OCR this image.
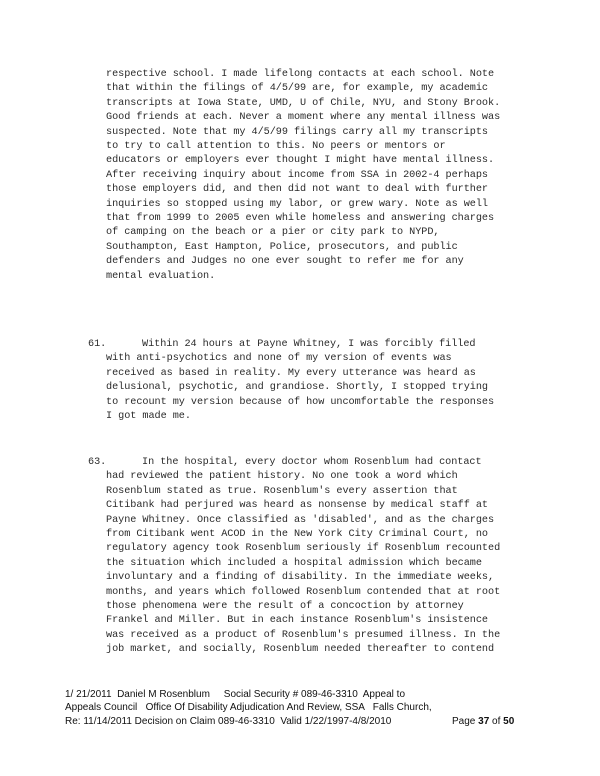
respective school. I made lifelong contacts at each school. Note
that within the filings of 4/5/99 are, for example, my academic
transcripts at Iowa State, UMD, U of Chile, NYU, and Stony Brook.
Good friends at each. Never a moment where any mental illness was
suspected. Note that my 4/5/99 filings carry all my transcripts
to try to call attention to this. No peers or mentors or
educators or employers ever thought I might have mental illness.
After receiving inquiry about income from SSA in 2002-4 perhaps
those employers did, and then did not want to deal with further
inquiries so stopped using my labor, or grew wary. Note as well
that from 1999 to 2005 even while homeless and answering charges
of camping on the beach or a pier or city park to NYPD,
Southampton, East Hampton, Police, prosecutors, and public
defenders and Judges no one ever sought to refer me for any
mental evaluation.
61.	Within 24 hours at Payne Whitney, I was forcibly filled
with anti-psychotics and none of my version of events was
received as based in reality. My every utterance was heard as
delusional, psychotic, and grandiose. Shortly, I stopped trying
to recount my version because of how uncomfortable the responses
I got made me.
63.	In the hospital, every doctor whom Rosenblum had contact
had reviewed the patient history. No one took a word which
Rosenblum stated as true. Rosenblum's every assertion that
Citibank had perjured was heard as nonsense by medical staff at
Payne Whitney. Once classified as 'disabled', and as the charges
from Citibank went ACOD in the New York City Criminal Court, no
regulatory agency took Rosenblum seriously if Rosenblum recounted
the situation which included a hospital admission which became
involuntary and a finding of disability. In the immediate weeks,
months, and years which followed Rosenblum contended that at root
those phenomena were the result of a concoction by attorney
Frankel and Miller. But in each instance Rosenblum's insistence
was received as a product of Rosenblum's presumed illness. In the
job market, and socially, Rosenblum needed thereafter to contend
1/ 21/2011  Daniel M Rosenblum     Social Security # 089-46-3310  Appeal to
Appeals Council   Office Of Disability Adjudication And Review, SSA   Falls Church,
Re: 11/14/2011 Decision on Claim 089-46-3310  Valid 1/22/1997-4/8/2010	Page 37 of 50
